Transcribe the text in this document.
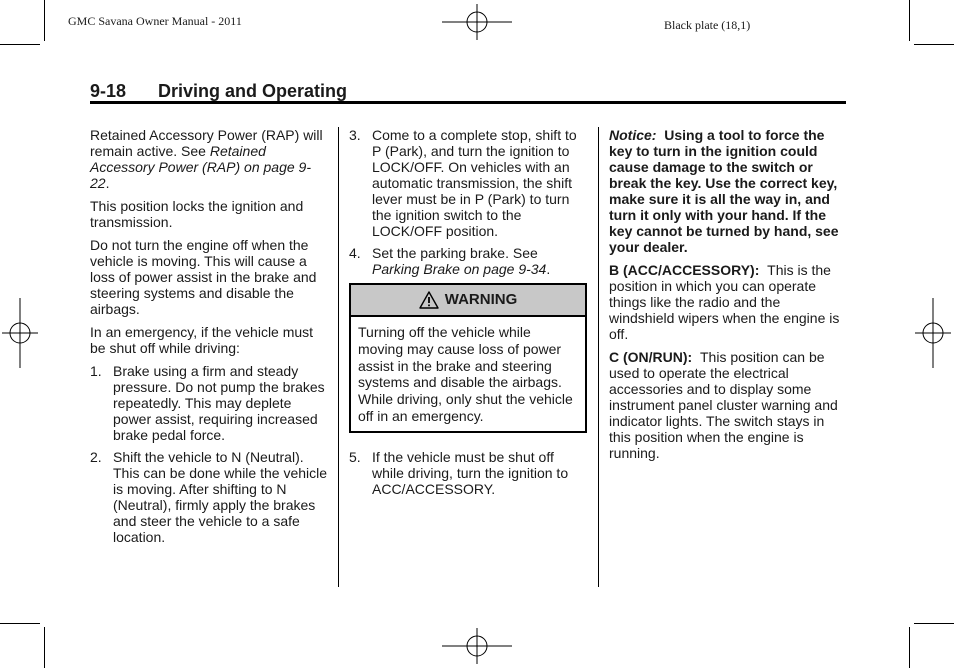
GMC Savana Owner Manual - 2011	Black plate (18,1)
9-18 Driving and Operating

Retained Accessory Power (RAP) will remain active. See Retained Accessory Power (RAP) on page 9-22.

This position locks the ignition and transmission.

Do not turn the engine off when the vehicle is moving. This will cause a loss of power assist in the brake and steering systems and disable the airbags.

In an emergency, if the vehicle must be shut off while driving:

1. Brake using a firm and steady pressure. Do not pump the brakes repeatedly. This may deplete power assist, requiring increased brake pedal force.
2. Shift the vehicle to N (Neutral). This can be done while the vehicle is moving. After shifting to N (Neutral), firmly apply the brakes and steer the vehicle to a safe location.
3. Come to a complete stop, shift to P (Park), and turn the ignition to LOCK/OFF. On vehicles with an automatic transmission, the shift lever must be in P (Park) to turn the ignition switch to the LOCK/OFF position.
4. Set the parking brake. See Parking Brake on page 9-34.
WARNING
Turning off the vehicle while moving may cause loss of power assist in the brake and steering systems and disable the airbags. While driving, only shut the vehicle off in an emergency.
5. If the vehicle must be shut off while driving, turn the ignition to ACC/ACCESSORY.

Notice: Using a tool to force the key to turn in the ignition could cause damage to the switch or break the key. Use the correct key, make sure it is all the way in, and turn it only with your hand. If the key cannot be turned by hand, see your dealer.

B (ACC/ACCESSORY): This is the position in which you can operate things like the radio and the windshield wipers when the engine is off.

C (ON/RUN): This position can be used to operate the electrical accessories and to display some instrument panel cluster warning and indicator lights. The switch stays in this position when the engine is running.
